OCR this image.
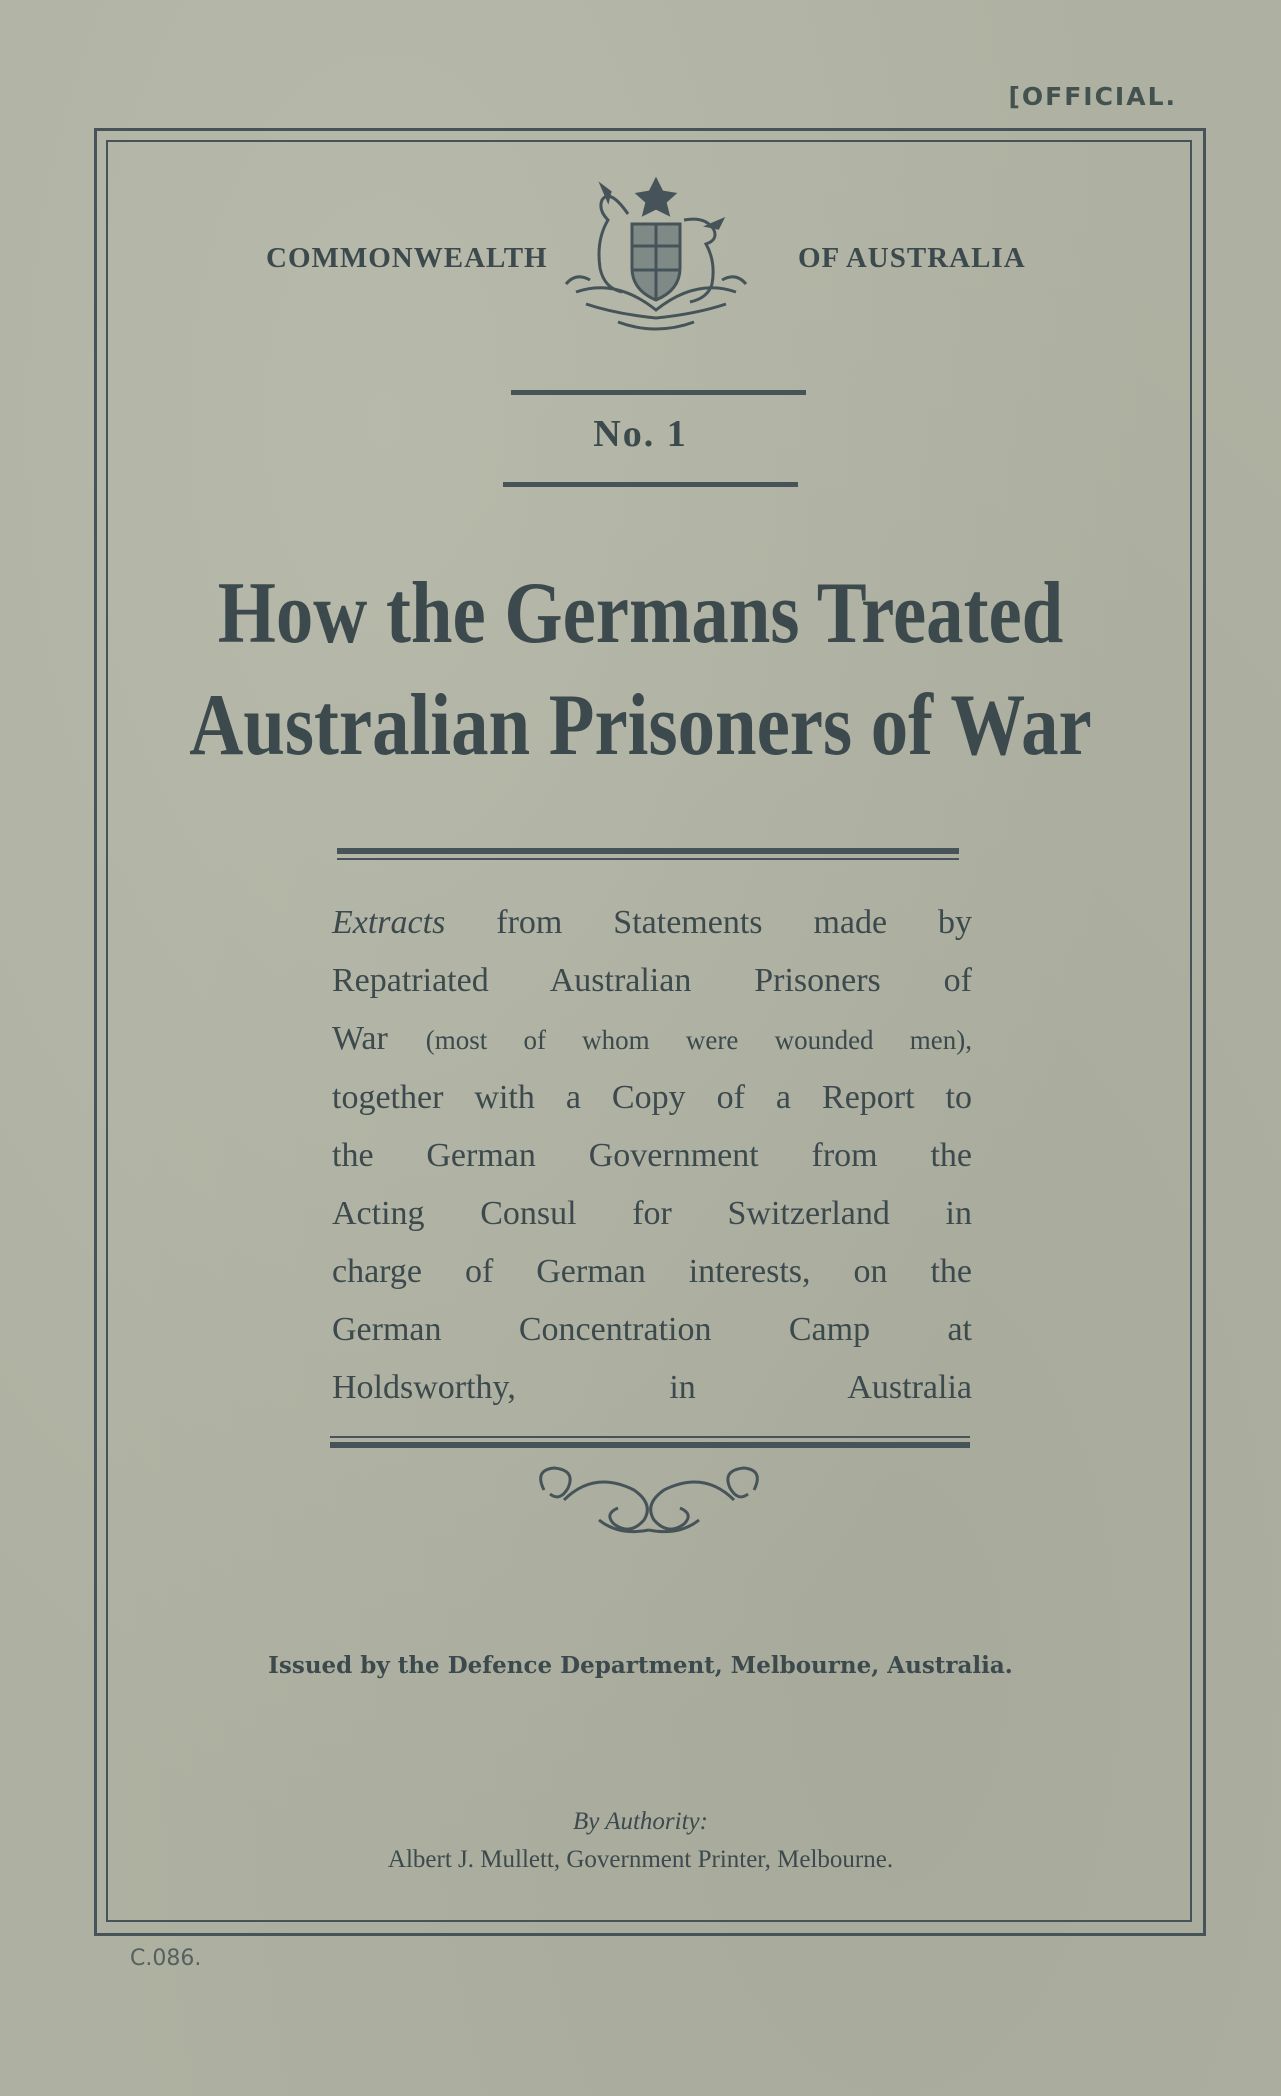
[OFFICIAL.
COMMONWEALTH	OF AUSTRALIA
No. 1
How the Germans Treated
Australian Prisoners of War
Extracts from Statements made by
Repatriated Australian Prisoners of
War (most of whom were wounded men),
together with a Copy of a Report to
the German Government from the
Acting Consul for Switzerland in
charge of German interests, on the
German Concentration Camp at
Holdsworthy, in Australia
Issued by the Defence Department, Melbourne, Australia.
By Authority:
Albert J. Mullett, Government Printer, Melbourne.
C.086.
